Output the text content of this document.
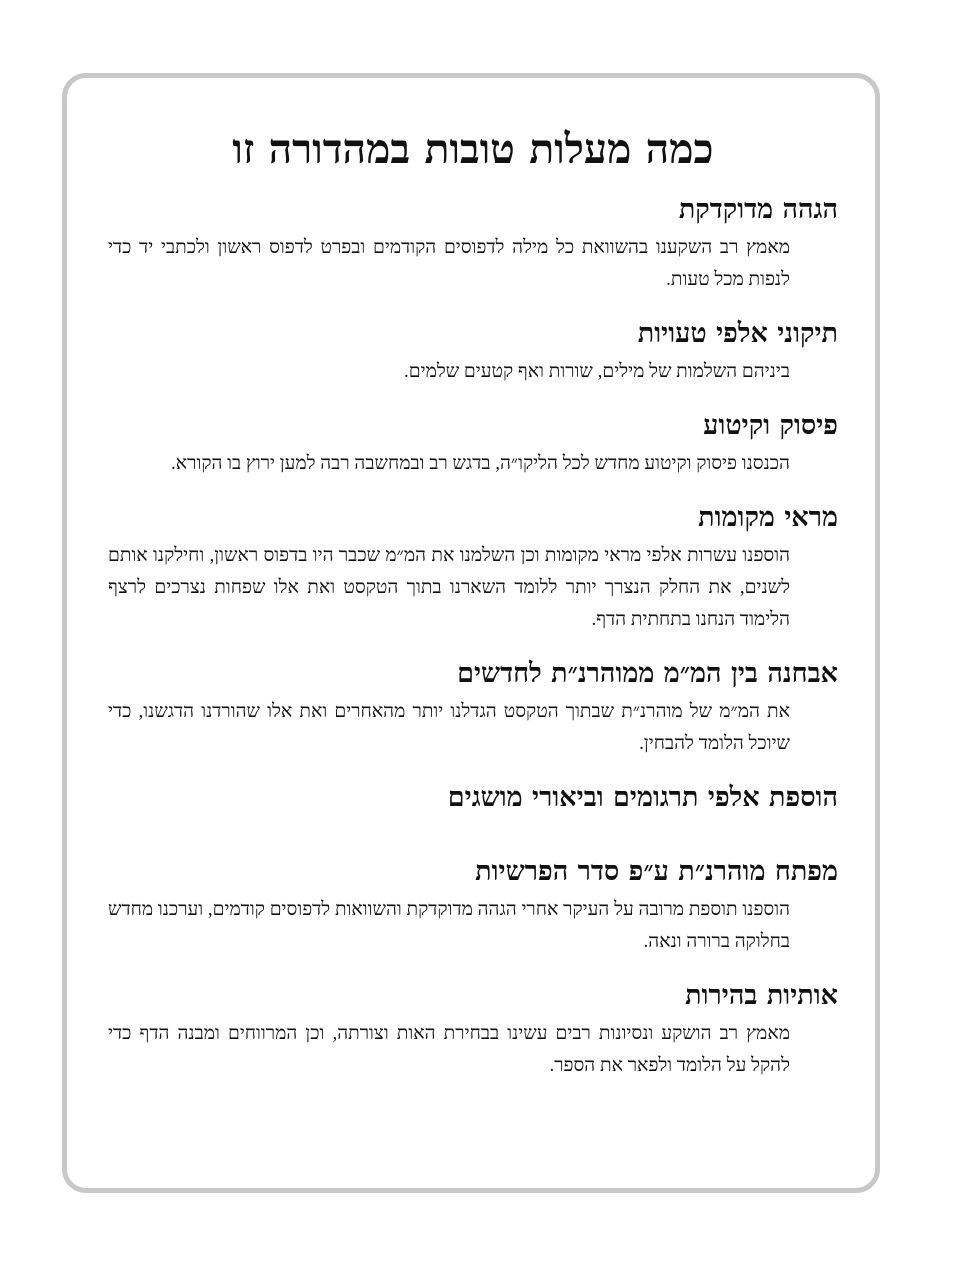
כמה מעלות טובות במהדורה זו
הגהה מדוקדקת

מאמץ רב השקענו בהשוואת כל מילה לדפוסים הקודמים ובפרט לדפוס ראשון ולכתבי יד כדי לנפות מכל טעות.

תיקוני אלפי טעויות

ביניהם השלמות של מילים, שורות ואף קטעים שלמים.

פיסוק וקיטוע

הכנסנו פיסוק וקיטוע מחדש לכל הליקו״ה, בדגש רב ובמחשבה רבה למען ירוץ בו הקורא.

מראי מקומות

הוספנו עשרות אלפי מראי מקומות וכן השלמנו את המ״מ שכבר היו בדפוס ראשון, וחילקנו אותם לשנים, את החלק הנצרך יותר ללומד השארנו בתוך הטקסט ואת אלו שפחות נצרכים לרצף הלימוד הנחנו בתחתית הדף.

אבחנה בין המ״מ ממוהרנ״ת לחדשים

את המ״מ של מוהרנ״ת שבתוך הטקסט הגדלנו יותר מהאחרים ואת אלו שהורדנו הדגשנו, כדי שיוכל הלומד להבחין.

הוספת אלפי תרגומים וביאורי מושגים
מפתח מוהרנ״ת ע״פ סדר הפרשיות

הוספנו תוספת מרובה על העיקר אחרי הגהה מדוקדקת והשוואות לדפוסים קודמים, וערכנו מחדש בחלוקה ברורה ונאה.

אותיות בהירות

מאמץ רב הושקע ונסיונות רבים עשינו בבחירת האות וצורתה, וכן המרווחים ומבנה הדף כדי להקל על הלומד ולפאר את הספר.
